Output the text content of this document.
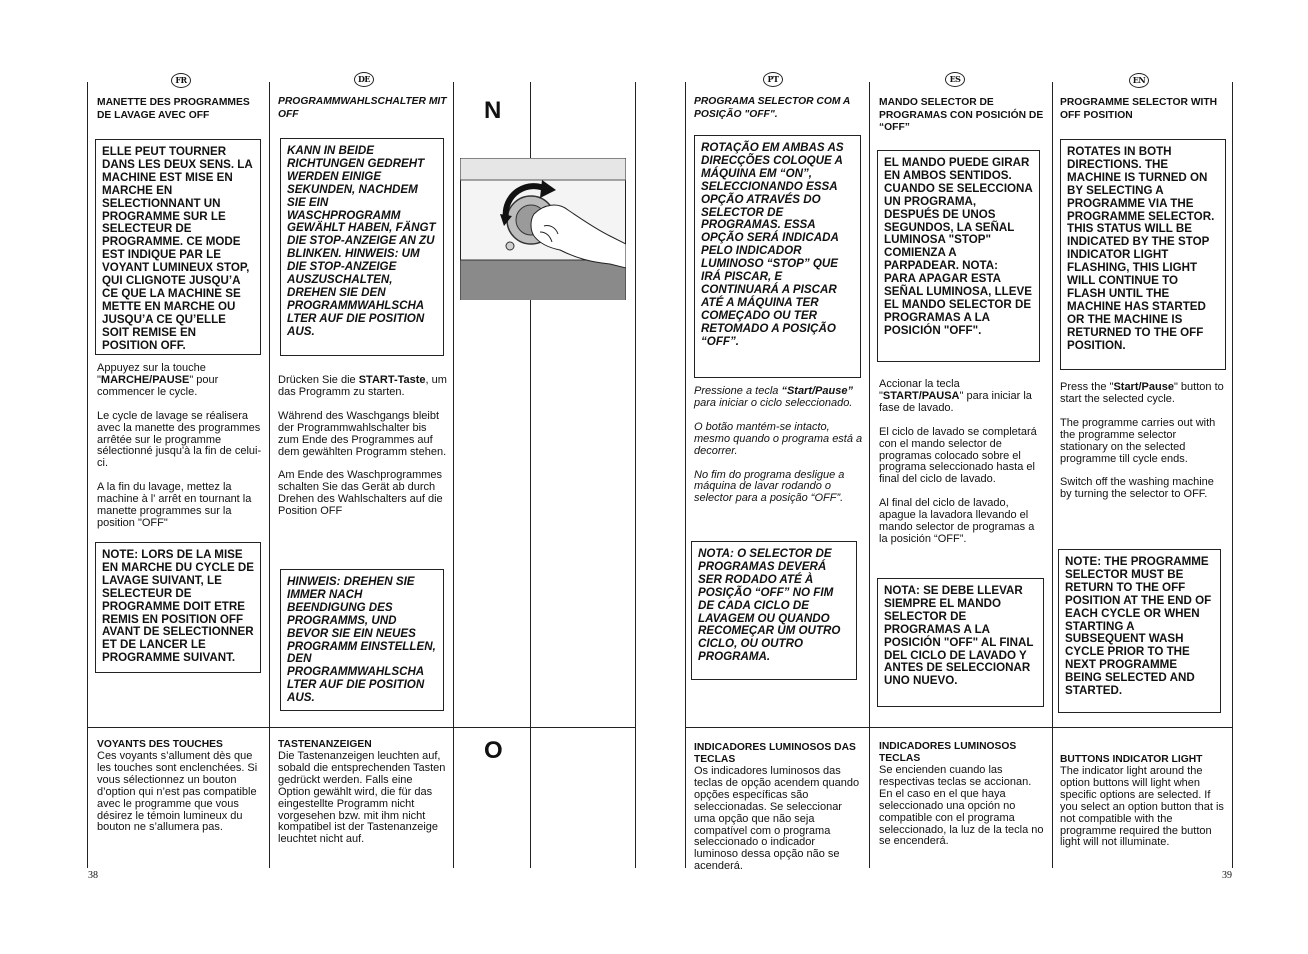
FR	DE	PT	ES	EN
N
O
MANETTE DES PROGRAMMES DE LAVAGE AVEC OFF
ELLE PEUT TOURNER DANS LES DEUX SENS. LA MACHINE EST MISE EN MARCHE EN SELECTIONNANT UN PROGRAMME SUR LE SELECTEUR DE PROGRAMME. CE MODE EST INDIQUE PAR LE VOYANT LUMINEUX STOP, QUI CLIGNOTE JUSQU’A CE QUE LA MACHINE SE METTE EN MARCHE OU JUSQU’A CE QU’ELLE SOIT REMISE EN POSITION OFF.

Appuyez sur la touche "MARCHE/PAUSE" pour commencer le cycle.

Le cycle de lavage se réalisera avec la manette des programmes arrêtée sur le programme sélectionné jusqu'à la fin de celui-ci.

A la fin du lavage, mettez la machine à l' arrêt en tournant la manette programmes sur la position "OFF"

NOTE: LORS DE LA MISE EN MARCHE DU CYCLE DE LAVAGE SUIVANT, LE SELECTEUR DE PROGRAMME DOIT ETRE REMIS EN POSITION OFF AVANT DE SELECTIONNER ET DE LANCER LE PROGRAMME SUIVANT.
VOYANTS DES TOUCHES
Ces voyants s’allument dès que les touches sont enclenchées. Si vous sélectionnez un bouton d’option qui n’est pas compatible avec le programme que vous désirez le témoin lumineux du bouton ne s’allumera pas.
PROGRAMMWAHLSCHALTER MIT OFF
KANN IN BEIDE RICHTUNGEN GEDREHT WERDEN EINIGE SEKUNDEN, NACHDEM SIE EIN WASCHPROGRAMM GEWÄHLT HABEN, FÄNGT DIE STOP-ANZEIGE AN ZU BLINKEN. HINWEIS: UM DIE STOP-ANZEIGE AUSZUSCHALTEN, DREHEN SIE DEN PROGRAMMWAHLSCHA LTER AUF DIE POSITION AUS.

Drücken Sie die START-Taste, um das Programm zu starten.

Während des Waschgangs bleibt der Programmwahlschalter bis zum Ende des Programmes auf dem gewählten Programm stehen.

Am Ende des Waschprogrammes schalten Sie das Gerät ab durch Drehen des Wahlschalters auf die Position OFF

HINWEIS: DREHEN SIE IMMER NACH BEENDIGUNG DES PROGRAMMS, UND BEVOR SIE EIN NEUES PROGRAMM EINSTELLEN, DEN PROGRAMMWAHLSCHA LTER AUF DIE POSITION AUS.
TASTENANZEIGEN
Die Tastenanzeigen leuchten auf, sobald die entsprechenden Tasten gedrückt werden. Falls eine Option gewählt wird, die für das eingestellte Programm nicht vorgesehen bzw. mit ihm nicht kompatibel ist der Tastenanzeige leuchtet nicht auf.
PROGRAMA SELECTOR COM A POSIÇÃO "OFF".
ROTAÇÃO EM AMBAS AS DIRECÇÕES COLOQUE A MÁQUINA EM “ON”, SELECCIONANDO ESSA OPÇÃO ATRAVÉS DO SELECTOR DE PROGRAMAS. ESSA OPÇÃO SERÁ INDICADA PELO INDICADOR LUMINOSO “STOP” QUE IRÁ PISCAR, E CONTINUARÁ A PISCAR ATÉ A MÁQUINA TER COMEÇADO OU TER RETOMADO A POSIÇÃO “OFF”.

Pressione a tecla “Start/Pause” para iniciar o ciclo seleccionado.

O botão mantém-se intacto, mesmo quando o programa está a decorrer.

No fim do programa desligue a máquina de lavar rodando o selector para a posição “OFF”.

NOTA: O SELECTOR DE PROGRAMAS DEVERÁ SER RODADO ATÉ À POSIÇÃO “OFF” NO FIM DE CADA CICLO DE LAVAGEM OU QUANDO RECOMEÇAR UM OUTRO CICLO, OU OUTRO PROGRAMA.
INDICADORES LUMINOSOS DAS TECLAS
Os indicadores luminosos das teclas de opção acendem quando opções específicas são seleccionadas. Se seleccionar uma opção que não seja compatível com o programa seleccionado o indicador luminoso dessa opção não se acenderá.
MANDO SELECTOR DE PROGRAMAS CON POSICIÓN DE “OFF”
EL MANDO PUEDE GIRAR EN AMBOS SENTIDOS. CUANDO SE SELECCIONA UN PROGRAMA, DESPUÉS DE UNOS SEGUNDOS, LA SEÑAL LUMINOSA "STOP" COMIENZA A PARPADEAR. NOTA: PARA APAGAR ESTA SEÑAL LUMINOSA, LLEVE EL MANDO SELECTOR DE PROGRAMAS A LA POSICIÓN "OFF".

Accionar la tecla "START/PAUSA" para iniciar la fase de lavado.

El ciclo de lavado se completará con el mando selector de programas colocado sobre el programa seleccionado hasta el final del ciclo de lavado.

Al final del ciclo de lavado, apague la lavadora llevando el mando selector de programas a la posición “OFF”.

NOTA: SE DEBE LLEVAR SIEMPRE EL MANDO SELECTOR DE PROGRAMAS A LA POSICIÓN "OFF" AL FINAL DEL CICLO DE LAVADO Y ANTES DE SELECCIONAR UNO NUEVO.
INDICADORES LUMINOSOS TECLAS
Se encienden cuando las respectivas teclas se accionan. En el caso en el que haya seleccionado una opción no compatible con el programa seleccionado, la luz de la tecla no se encenderá.
PROGRAMME SELECTOR WITH OFF POSITION
ROTATES IN BOTH DIRECTIONS. THE MACHINE IS TURNED ON BY SELECTING A PROGRAMME VIA THE PROGRAMME SELECTOR. THIS STATUS WILL BE INDICATED BY THE STOP INDICATOR LIGHT FLASHING, THIS LIGHT WILL CONTINUE TO FLASH UNTIL THE MACHINE HAS STARTED OR THE MACHINE IS RETURNED TO THE OFF POSITION.

Press the "Start/Pause" button to start the selected cycle.

The programme carries out with the programme selector stationary on the selected programme till cycle ends.

Switch off the washing machine by turning the selector to OFF.

NOTE: THE PROGRAMME SELECTOR MUST BE RETURN TO THE OFF POSITION AT THE END OF EACH CYCLE OR WHEN STARTING A SUBSEQUENT WASH CYCLE PRIOR TO THE NEXT PROGRAMME BEING SELECTED AND STARTED.
BUTTONS INDICATOR LIGHT
The indicator light around the option buttons will light when specific options are selected. If you select an option button that is not compatible with the programme required the button light will not illuminate.
38	39
